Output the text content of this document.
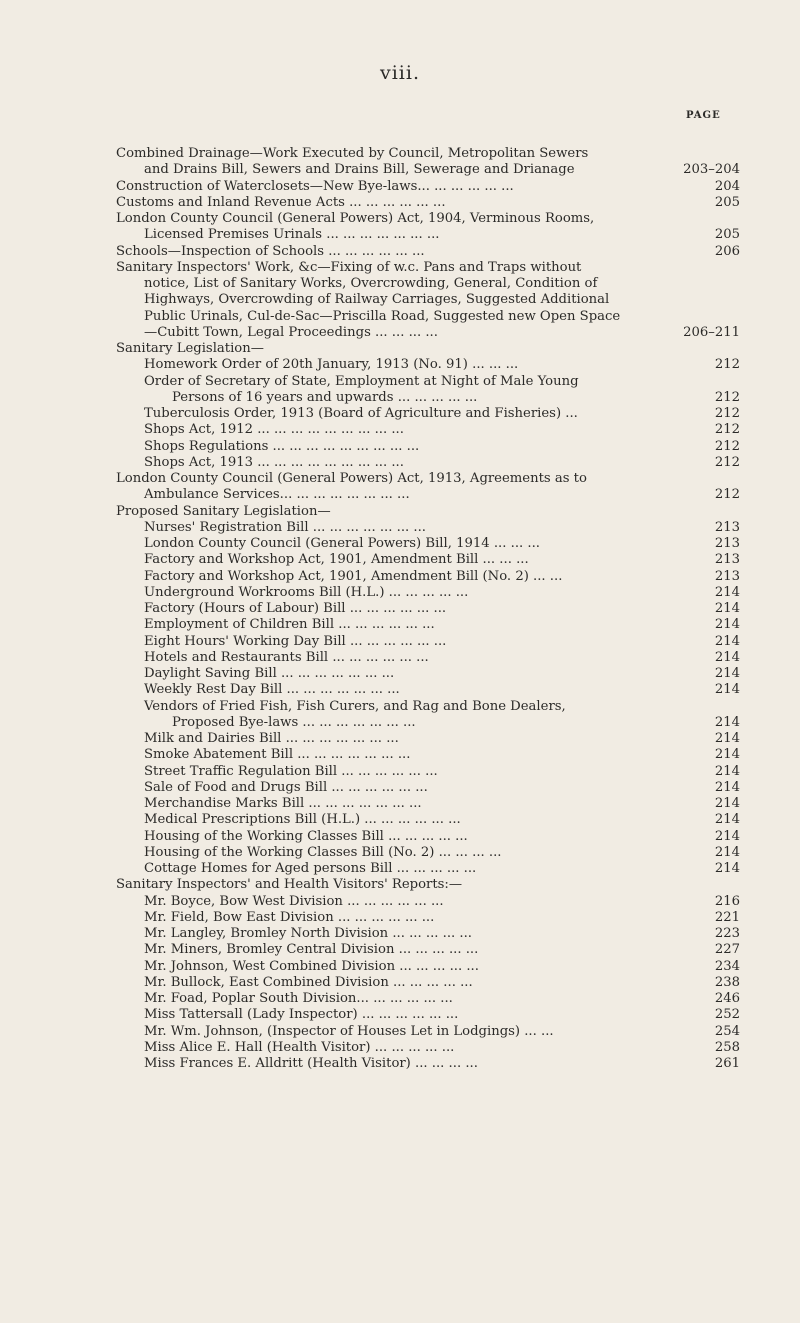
viii.
PAGE
Combined Drainage—Work Executed by Council, Metropolitan Sewers
and Drains Bill, Sewers and Drains Bill, Sewerage and Drianage	203–204
Construction of Waterclosets—New Bye-laws... ... ... ... ... ...	204
Customs and Inland Revenue Acts ... ... ... ... ... ...	205
London County Council (General Powers) Act, 1904, Verminous Rooms,
Licensed Premises Urinals ... ... ... ... ... ... ...	205
Schools—Inspection of Schools ... ... ... ... ... ...	206
Sanitary Inspectors' Work, &c—Fixing of w.c. Pans and Traps without
notice, List of Sanitary Works, Overcrowding, General, Condition of
Highways, Overcrowding of Railway Carriages, Suggested Additional
Public Urinals, Cul-de-Sac—Priscilla Road, Suggested new Open Space
—Cubitt Town, Legal Proceedings ... ... ... ...	206–211
Sanitary Legislation—
Homework Order of 20th January, 1913 (No. 91) ... ... ...	212
Order of Secretary of State, Employment at Night of Male Young
Persons of 16 years and upwards ... ... ... ... ...	212
Tuberculosis Order, 1913 (Board of Agriculture and Fisheries) ...	212
Shops Act, 1912 ... ... ... ... ... ... ... ... ...	212
Shops Regulations ... ... ... ... ... ... ... ... ...	212
Shops Act, 1913 ... ... ... ... ... ... ... ... ...	212
London County Council (General Powers) Act, 1913, Agreements as to
Ambulance Services... ... ... ... ... ... ... ...	212
Proposed Sanitary Legislation—
Nurses' Registration Bill ... ... ... ... ... ... ...	213
London County Council (General Powers) Bill, 1914 ... ... ...	213
Factory and Workshop Act, 1901, Amendment Bill ... ... ...	213
Factory and Workshop Act, 1901, Amendment Bill (No. 2) ... ...	213
Underground Workrooms Bill (H.L.) ... ... ... ... ...	214
Factory (Hours of Labour) Bill ... ... ... ... ... ...	214
Employment of Children Bill ... ... ... ... ... ...	214
Eight Hours' Working Day Bill ... ... ... ... ... ...	214
Hotels and Restaurants Bill ... ... ... ... ... ...	214
Daylight Saving Bill ... ... ... ... ... ... ...	214
Weekly Rest Day Bill ... ... ... ... ... ... ...	214
Vendors of Fried Fish, Fish Curers, and Rag and Bone Dealers,
Proposed Bye-laws ... ... ... ... ... ... ...	214
Milk and Dairies Bill ... ... ... ... ... ... ...	214
Smoke Abatement Bill ... ... ... ... ... ... ...	214
Street Traffic Regulation Bill ... ... ... ... ... ...	214
Sale of Food and Drugs Bill ... ... ... ... ... ...	214
Merchandise Marks Bill ... ... ... ... ... ... ...	214
Medical Prescriptions Bill (H.L.) ... ... ... ... ... ...	214
Housing of the Working Classes Bill ... ... ... ... ...	214
Housing of the Working Classes Bill (No. 2) ... ... ... ...	214
Cottage Homes for Aged persons Bill ... ... ... ... ...	214
Sanitary Inspectors' and Health Visitors' Reports:—
Mr. Boyce, Bow West Division ... ... ... ... ... ...	216
Mr. Field, Bow East Division ... ... ... ... ... ...	221
Mr. Langley, Bromley North Division ... ... ... ... ...	223
Mr. Miners, Bromley Central Division ... ... ... ... ...	227
Mr. Johnson, West Combined Division ... ... ... ... ...	234
Mr. Bullock, East Combined Division ... ... ... ... ...	238
Mr. Foad, Poplar South Division... ... ... ... ... ...	246
Miss Tattersall (Lady Inspector) ... ... ... ... ... ...	252
Mr. Wm. Johnson, (Inspector of Houses Let in Lodgings) ... ...	254
Miss Alice E. Hall (Health Visitor) ... ... ... ... ...	258
Miss Frances E. Alldritt (Health Visitor) ... ... ... ...	261
